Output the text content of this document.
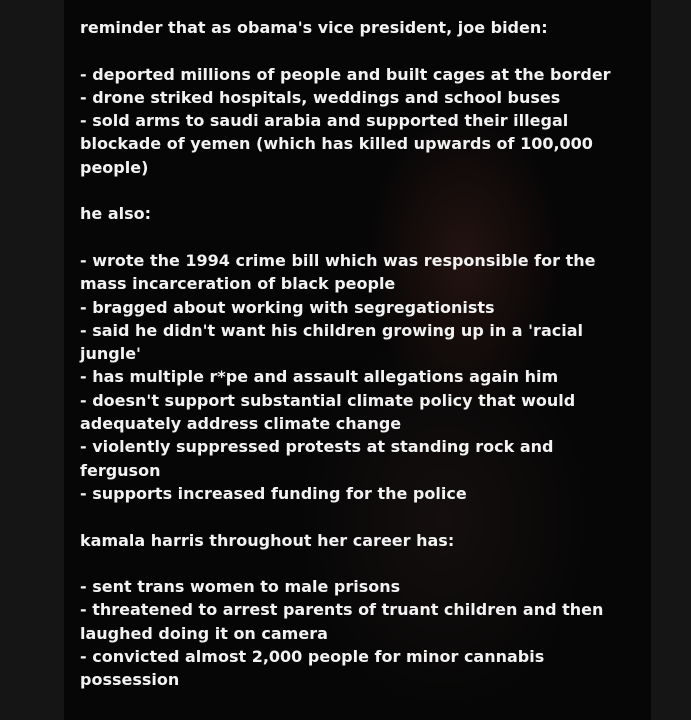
reminder that as obama's vice president, joe biden:
- deported millions of people and built cages at the border
- drone striked hospitals, weddings and school buses
- sold arms to saudi arabia and supported their illegal
blockade of yemen (which has killed upwards of 100,000
people)
he also:
- wrote the 1994 crime bill which was responsible for the
mass incarceration of black people
- bragged about working with segregationists
- said he didn't want his children growing up in a 'racial
jungle'
- has multiple r*pe and assault allegations again him
- doesn't support substantial climate policy that would
adequately address climate change
- violently suppressed protests at standing rock and
ferguson
- supports increased funding for the police
kamala harris throughout her career has:
- sent trans women to male prisons
- threatened to arrest parents of truant children and then
laughed doing it on camera
- convicted almost 2,000 people for minor cannabis
possession
